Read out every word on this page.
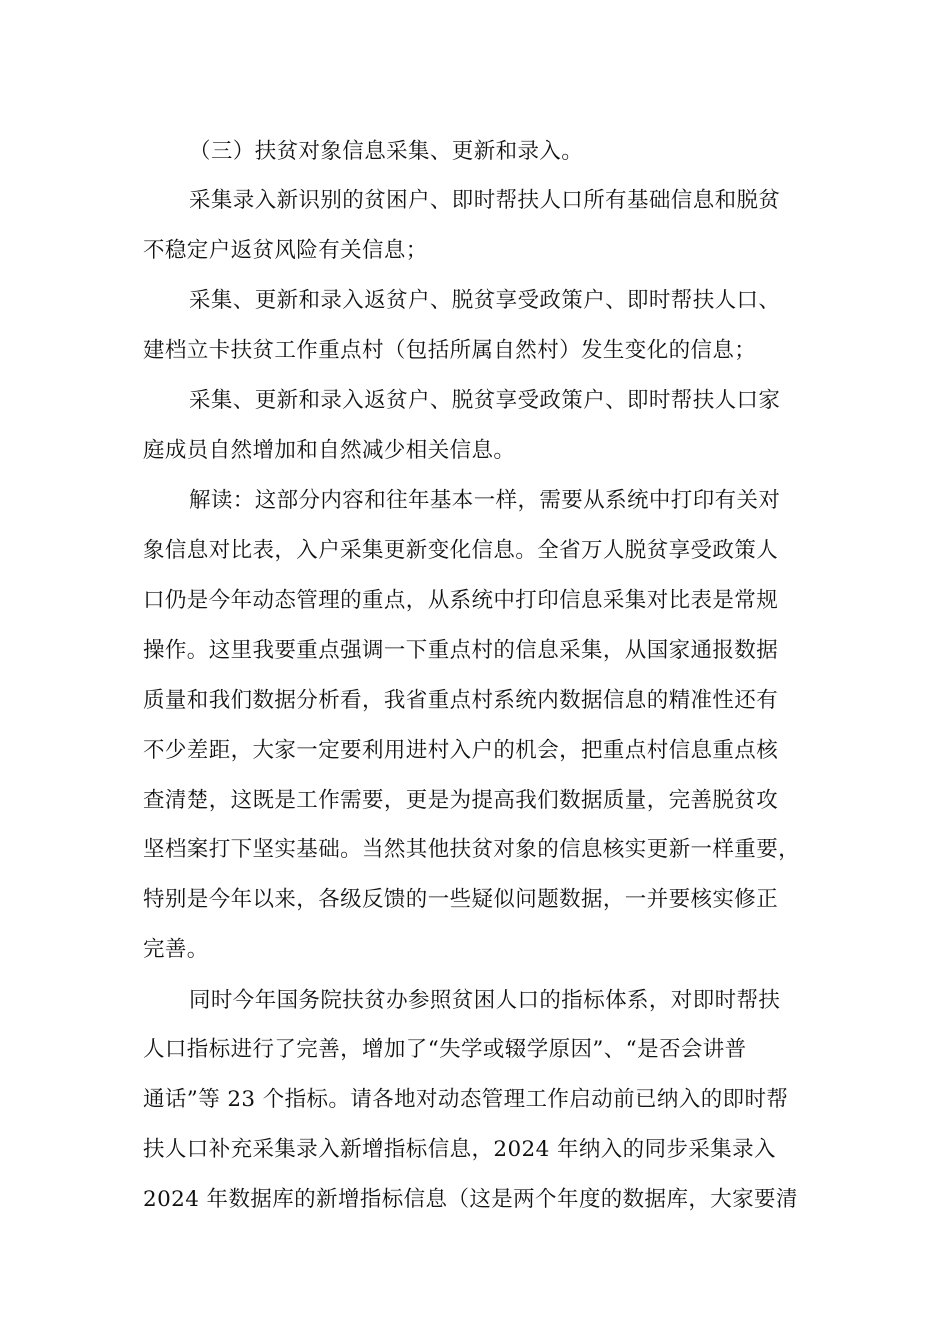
（三）扶贫对象信息采集、更新和录入。
采集录入新识别的贫困户、即时帮扶人口所有基础信息和脱贫
不稳定户返贫风险有关信息；
采集、更新和录入返贫户、脱贫享受政策户、即时帮扶人口、
建档立卡扶贫工作重点村（包括所属自然村）发生变化的信息；
采集、更新和录入返贫户、脱贫享受政策户、即时帮扶人口家
庭成员自然增加和自然减少相关信息。
解读：这部分内容和往年基本一样，需要从系统中打印有关对
象信息对比表，入户采集更新变化信息。全省万人脱贫享受政策人
口仍是今年动态管理的重点，从系统中打印信息采集对比表是常规
操作。这里我要重点强调一下重点村的信息采集，从国家通报数据
质量和我们数据分析看，我省重点村系统内数据信息的精准性还有
不少差距，大家一定要利用进村入户的机会，把重点村信息重点核
查清楚，这既是工作需要，更是为提高我们数据质量，完善脱贫攻
坚档案打下坚实基础。当然其他扶贫对象的信息核实更新一样重要，
特别是今年以来，各级反馈的一些疑似问题数据，一并要核实修正
完善。
同时今年国务院扶贫办参照贫困人口的指标体系，对即时帮扶
人口指标进行了完善，增加了“失学或辍学原因”、“是否会讲普
通话”等 23 个指标。请各地对动态管理工作启动前已纳入的即时帮
扶人口补充采集录入新增指标信息，2024 年纳入的同步采集录入
2024 年数据库的新增指标信息（这是两个年度的数据库，大家要清
